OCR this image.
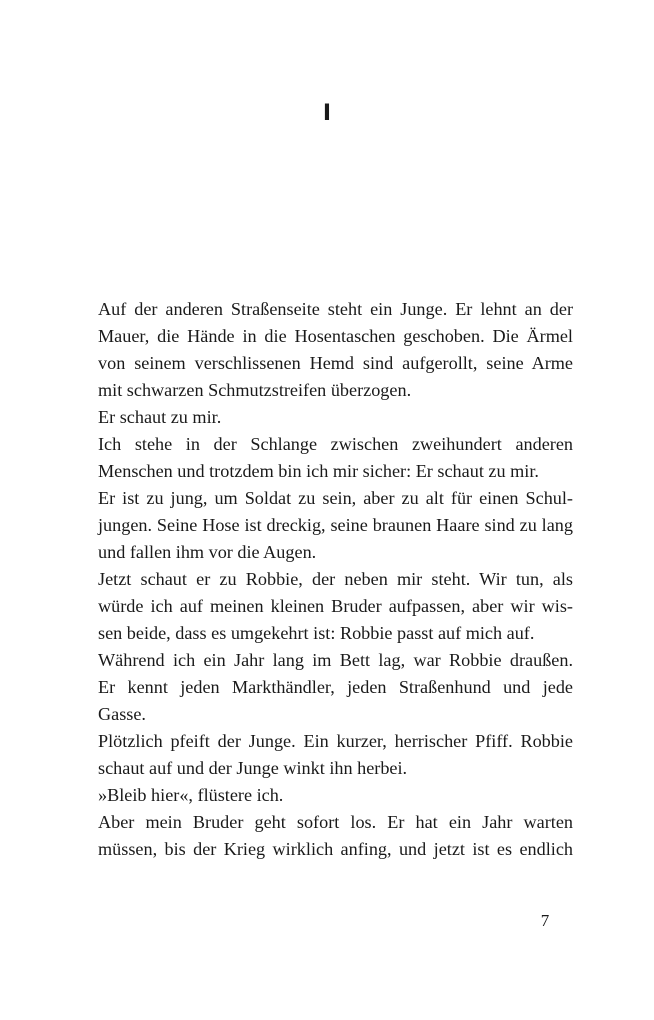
I

Auf der anderen Straßenseite steht ein Junge. Er lehnt an der
Mauer, die Hände in die Hosentaschen geschoben. Die Ärmel
von seinem verschlissenen Hemd sind aufgerollt, seine Arme
mit schwarzen Schmutzstreifen überzogen.

Er schaut zu mir.

Ich stehe in der Schlange zwischen zweihundert anderen
Menschen und trotzdem bin ich mir sicher: Er schaut zu mir.

Er ist zu jung, um Soldat zu sein, aber zu alt für einen Schul-
jungen. Seine Hose ist dreckig, seine braunen Haare sind zu lang
und fallen ihm vor die Augen.

Jetzt schaut er zu Robbie, der neben mir steht. Wir tun, als
würde ich auf meinen kleinen Bruder aufpassen, aber wir wis-
sen beide, dass es umgekehrt ist: Robbie passt auf mich auf.

Während ich ein Jahr lang im Bett lag, war Robbie draußen.
Er kennt jeden Markthändler, jeden Straßenhund und jede
Gasse.

Plötzlich pfeift der Junge. Ein kurzer, herrischer Pfiff. Robbie
schaut auf und der Junge winkt ihn herbei.

»Bleib hier«, flüstere ich.

Aber mein Bruder geht sofort los. Er hat ein Jahr warten
müssen, bis der Krieg wirklich anfing, und jetzt ist es endlich

7
